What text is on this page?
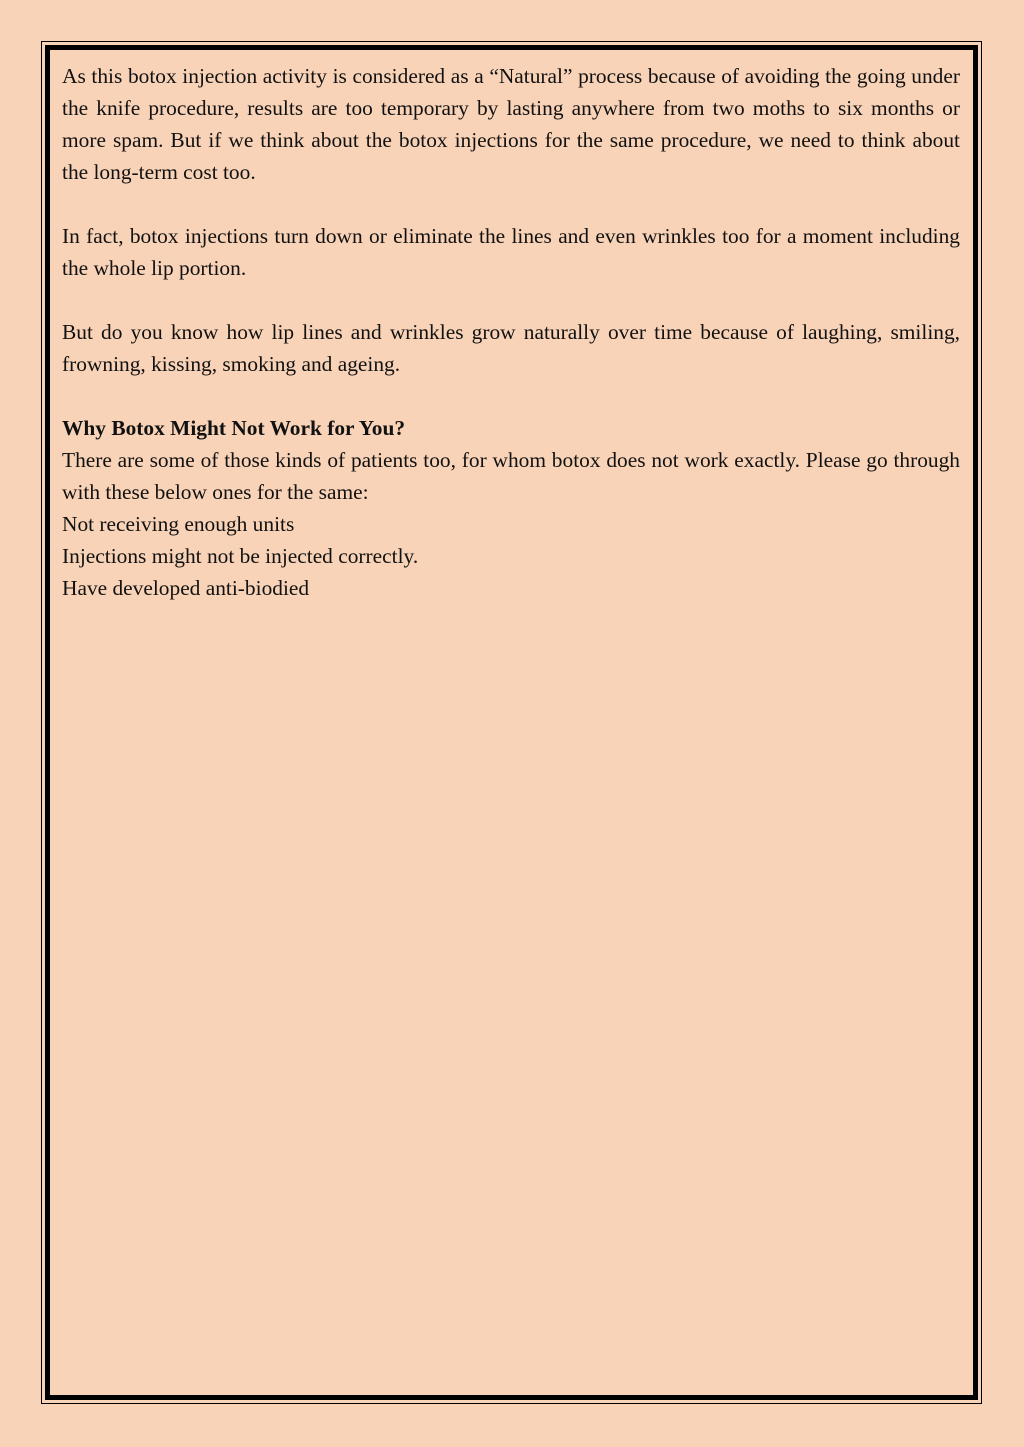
As this botox injection activity is considered as a “Natural” process because of avoiding the going under the knife procedure, results are too temporary by lasting anywhere from two moths to six months or more spam. But if we think about the botox injections for the same procedure, we need to think about the long-term cost too.

In fact, botox injections turn down or eliminate the lines and even wrinkles too for a moment including the whole lip portion.

But do you know how lip lines and wrinkles grow naturally over time because of laughing, smiling, frowning, kissing, smoking and ageing.

Why Botox Might Not Work for You?

There are some of those kinds of patients too, for whom botox does not work exactly. Please go through with these below ones for the same:

Not receiving enough units
Injections might not be injected correctly.
Have developed anti-biodied
